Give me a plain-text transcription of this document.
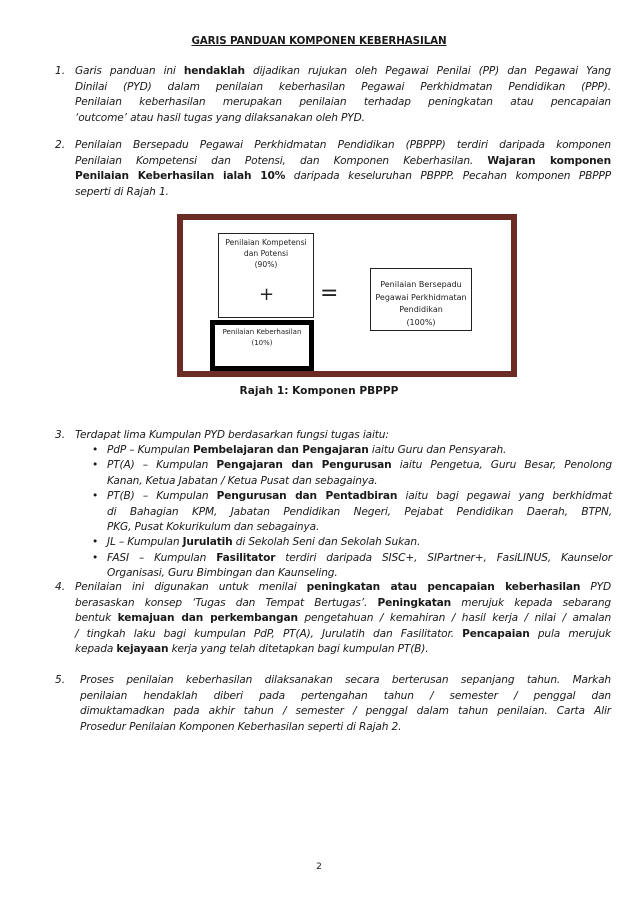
GARIS PANDUAN KOMPONEN KEBERHASILAN
1. Garis panduan ini hendaklah dijadikan rujukan oleh Pegawai Penilai (PP) dan Pegawai Yang
Dinilai (PYD) dalam penilaian keberhasilan Pegawai Perkhidmatan Pendidikan (PPP).
Penilaian keberhasilan merupakan penilaian terhadap peningkatan atau pencapaian
‘outcome’ atau hasil tugas yang dilaksanakan oleh PYD.
2. Penilaian Bersepadu Pegawai Perkhidmatan Pendidikan (PBPPP) terdiri daripada komponen
Penilaian Kompetensi dan Potensi, dan Komponen Keberhasilan. Wajaran komponen
Penilaian Keberhasilan ialah 10% daripada keseluruhan PBPPP. Pecahan komponen PBPPP
seperti di Rajah 1.
Penilaian Kompetensi
dan Potensi
(90%)
+
Penilaian Keberhasilan
(10%)
=	Penilaian Bersepadu
Pegawai Perkhidmatan
Pendidikan
(100%)
Rajah 1: Komponen PBPPP
3. Terdapat lima Kumpulan PYD berdasarkan fungsi tugas iaitu:
• PdP – Kumpulan Pembelajaran dan Pengajaran iaitu Guru dan Pensyarah.
• PT(A) – Kumpulan Pengajaran dan Pengurusan iaitu Pengetua, Guru Besar, Penolong
Kanan, Ketua Jabatan / Ketua Pusat dan sebagainya.
• PT(B) – Kumpulan Pengurusan dan Pentadbiran iaitu bagi pegawai yang berkhidmat
di Bahagian KPM, Jabatan Pendidikan Negeri, Pejabat Pendidikan Daerah, BTPN,
PKG, Pusat Kokurikulum dan sebagainya.
• JL – Kumpulan Jurulatih di Sekolah Seni dan Sekolah Sukan.
• FASI – Kumpulan Fasilitator terdiri daripada SISC+, SIPartner+, FasiLINUS, Kaunselor
Organisasi, Guru Bimbingan dan Kaunseling.
4. Penilaian ini digunakan untuk menilai peningkatan atau pencapaian keberhasilan PYD
berasaskan konsep ‘Tugas dan Tempat Bertugas’. Peningkatan merujuk kepada sebarang
bentuk kemajuan dan perkembangan pengetahuan / kemahiran / hasil kerja / nilai / amalan
/ tingkah laku bagi kumpulan PdP, PT(A), Jurulatih dan Fasilitator. Pencapaian pula merujuk
kepada kejayaan kerja yang telah ditetapkan bagi kumpulan PT(B).
5. Proses penilaian keberhasilan dilaksanakan secara berterusan sepanjang tahun. Markah
penilaian hendaklah diberi pada pertengahan tahun / semester / penggal dan
dimuktamadkan pada akhir tahun / semester / penggal dalam tahun penilaian. Carta Alir
Prosedur Penilaian Komponen Keberhasilan seperti di Rajah 2.
2
